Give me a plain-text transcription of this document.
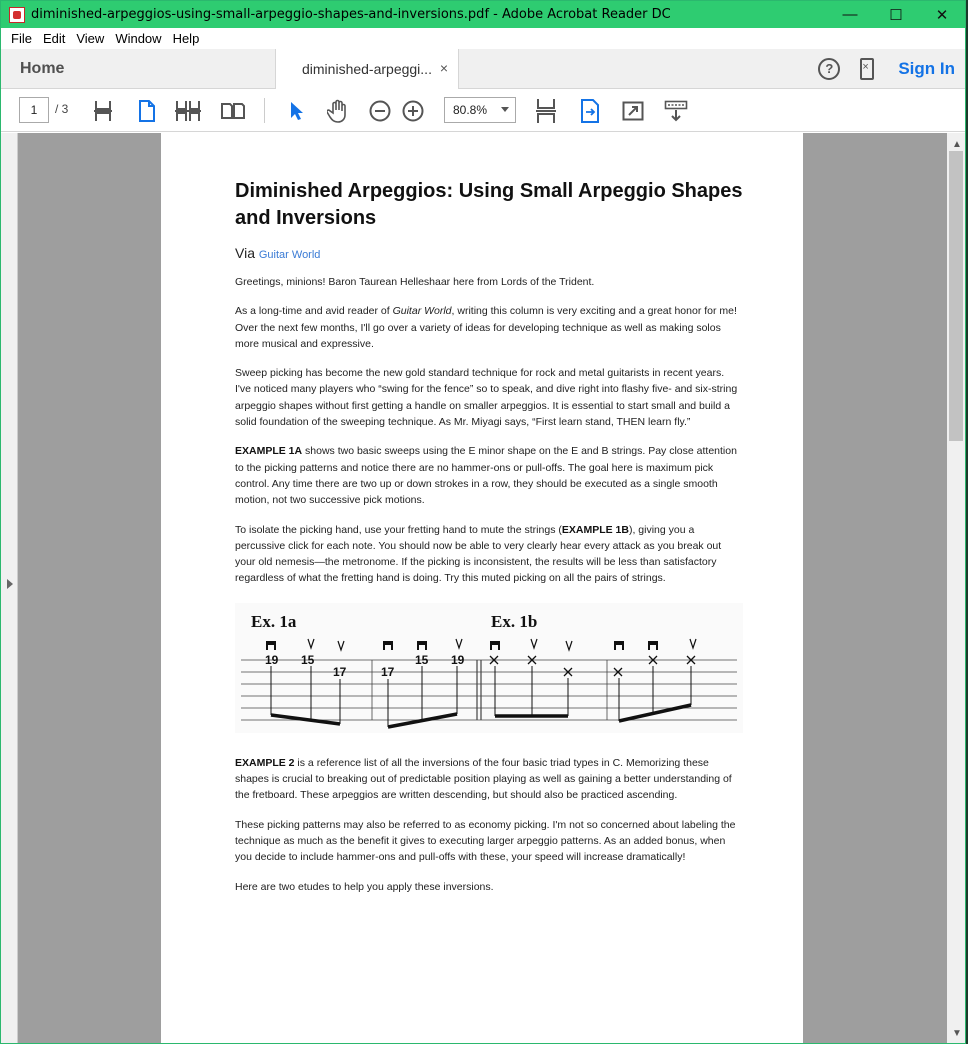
diminished-arpeggios-using-small-arpeggio-shapes-and-inversions.pdf - Adobe Acrobat Reader DC	—	☐	✕
File Edit View Window Help
Home	diminished-arpeggi... ×	?
×	Sign In
1	/ 3	80.8%
Diminished Arpeggios: Using Small Arpeggio Shapes and Inversions
Via Guitar World

Greetings, minions! Baron Taurean Helleshaar here from Lords of the Trident.

As a long-time and avid reader of Guitar World, writing this column is very exciting and a great honor for me! Over the next few months, I'll go over a variety of ideas for developing technique as well as making solos more musical and expressive.

Sweep picking has become the new gold standard technique for rock and metal guitarists in recent years. I've noticed many players who “swing for the fence” so to speak, and dive right into flashy five- and six-string arpeggio shapes without first getting a handle on smaller arpeggios. It is essential to start small and build a solid foundation of the sweeping technique. As Mr. Miyagi says, “First learn stand, THEN learn fly.”

EXAMPLE 1A shows two basic sweeps using the E minor shape on the E and B strings. Pay close attention to the picking patterns and notice there are no hammer-ons or pull-offs. The goal here is maximum pick control. Any time there are two up or down strokes in a row, they should be executed as a single smooth motion, not two successive pick motions.

To isolate the picking hand, use your fretting hand to mute the strings (EXAMPLE 1B), giving you a percussive click for each note. You should now be able to very clearly hear every attack as you break out your old nemesis—the metronome. If the picking is inconsistent, the results will be less than satisfactory regardless of what the fretting hand is doing. Try this muted picking on all the pairs of strings.

Ex. 1a	Ex. 1b
19 15
17	17
15 19

EXAMPLE 2 is a reference list of all the inversions of the four basic triad types in C. Memorizing these shapes is crucial to breaking out of predictable position playing as well as gaining a better understanding of the fretboard. These arpeggios are written descending, but should also be practiced ascending.

These picking patterns may also be referred to as economy picking. I'm not so concerned about labeling the technique as much as the benefit it gives to executing larger arpeggio patterns. As an added bonus, when you decide to include hammer-ons and pull-offs with these, your speed will increase dramatically!

Here are two etudes to help you apply these inversions.

▲
▼
